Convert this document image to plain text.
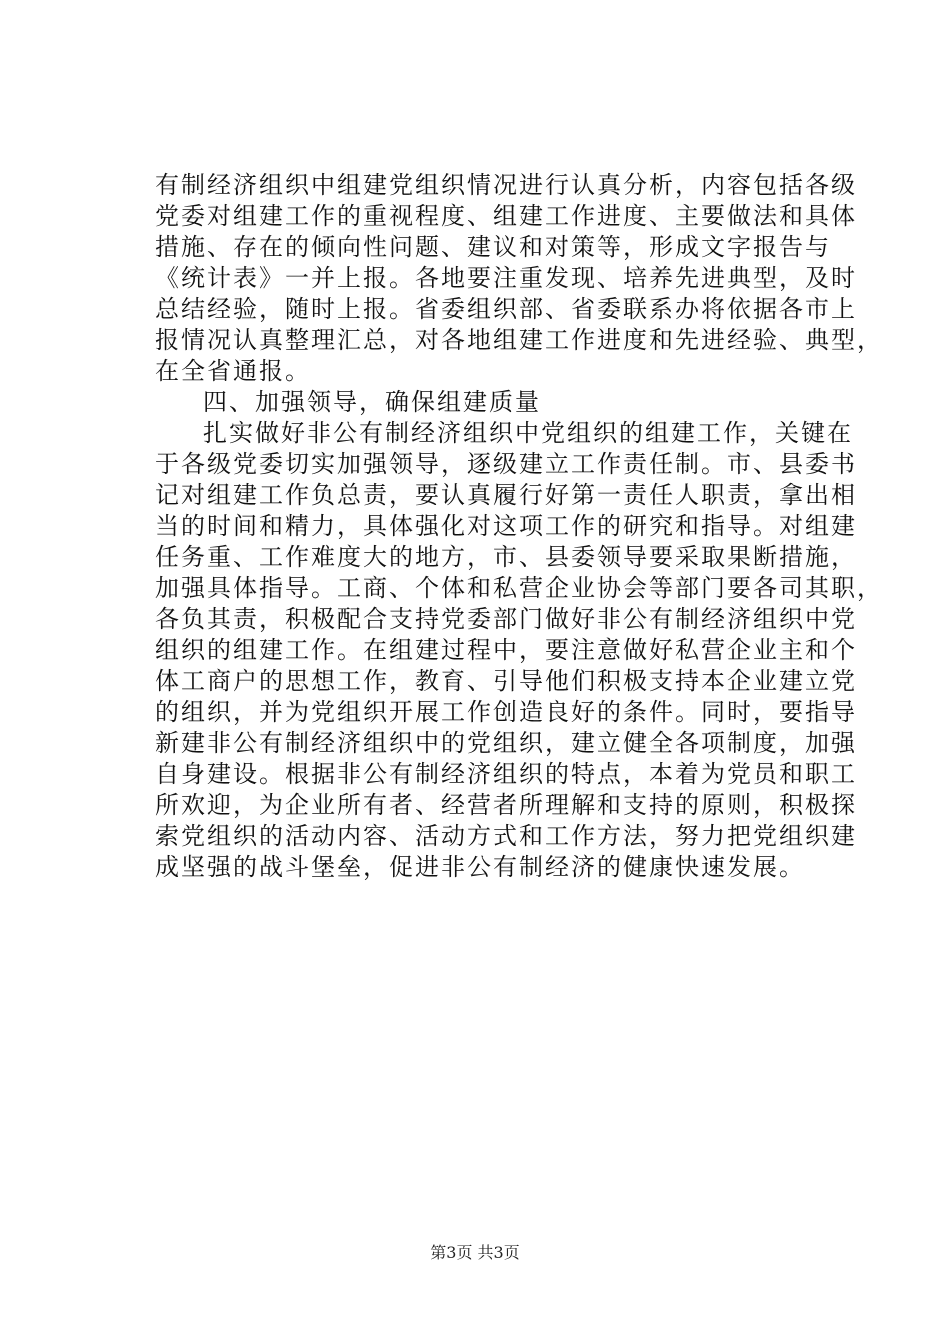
有制经济组织中组建党组织情况进行认真分析，内容包括各级
党委对组建工作的重视程度、组建工作进度、主要做法和具体
措施、存在的倾向性问题、建议和对策等，形成文字报告与
《统计表》一并上报。各地要注重发现、培养先进典型，及时
总结经验，随时上报。省委组织部、省委联系办将依据各市上
报情况认真整理汇总，对各地组建工作进度和先进经验、典型，
在全省通报。
四、加强领导，确保组建质量
扎实做好非公有制经济组织中党组织的组建工作，关键在
于各级党委切实加强领导，逐级建立工作责任制。市、县委书
记对组建工作负总责，要认真履行好第一责任人职责，拿出相
当的时间和精力，具体强化对这项工作的研究和指导。对组建
任务重、工作难度大的地方，市、县委领导要采取果断措施，
加强具体指导。工商、个体和私营企业协会等部门要各司其职，
各负其责，积极配合支持党委部门做好非公有制经济组织中党
组织的组建工作。在组建过程中，要注意做好私营企业主和个
体工商户的思想工作，教育、引导他们积极支持本企业建立党
的组织，并为党组织开展工作创造良好的条件。同时，要指导
新建非公有制经济组织中的党组织，建立健全各项制度，加强
自身建设。根据非公有制经济组织的特点，本着为党员和职工
所欢迎，为企业所有者、经营者所理解和支持的原则，积极探
索党组织的活动内容、活动方式和工作方法，努力把党组织建
成坚强的战斗堡垒，促进非公有制经济的健康快速发展。
第3页 共3页
